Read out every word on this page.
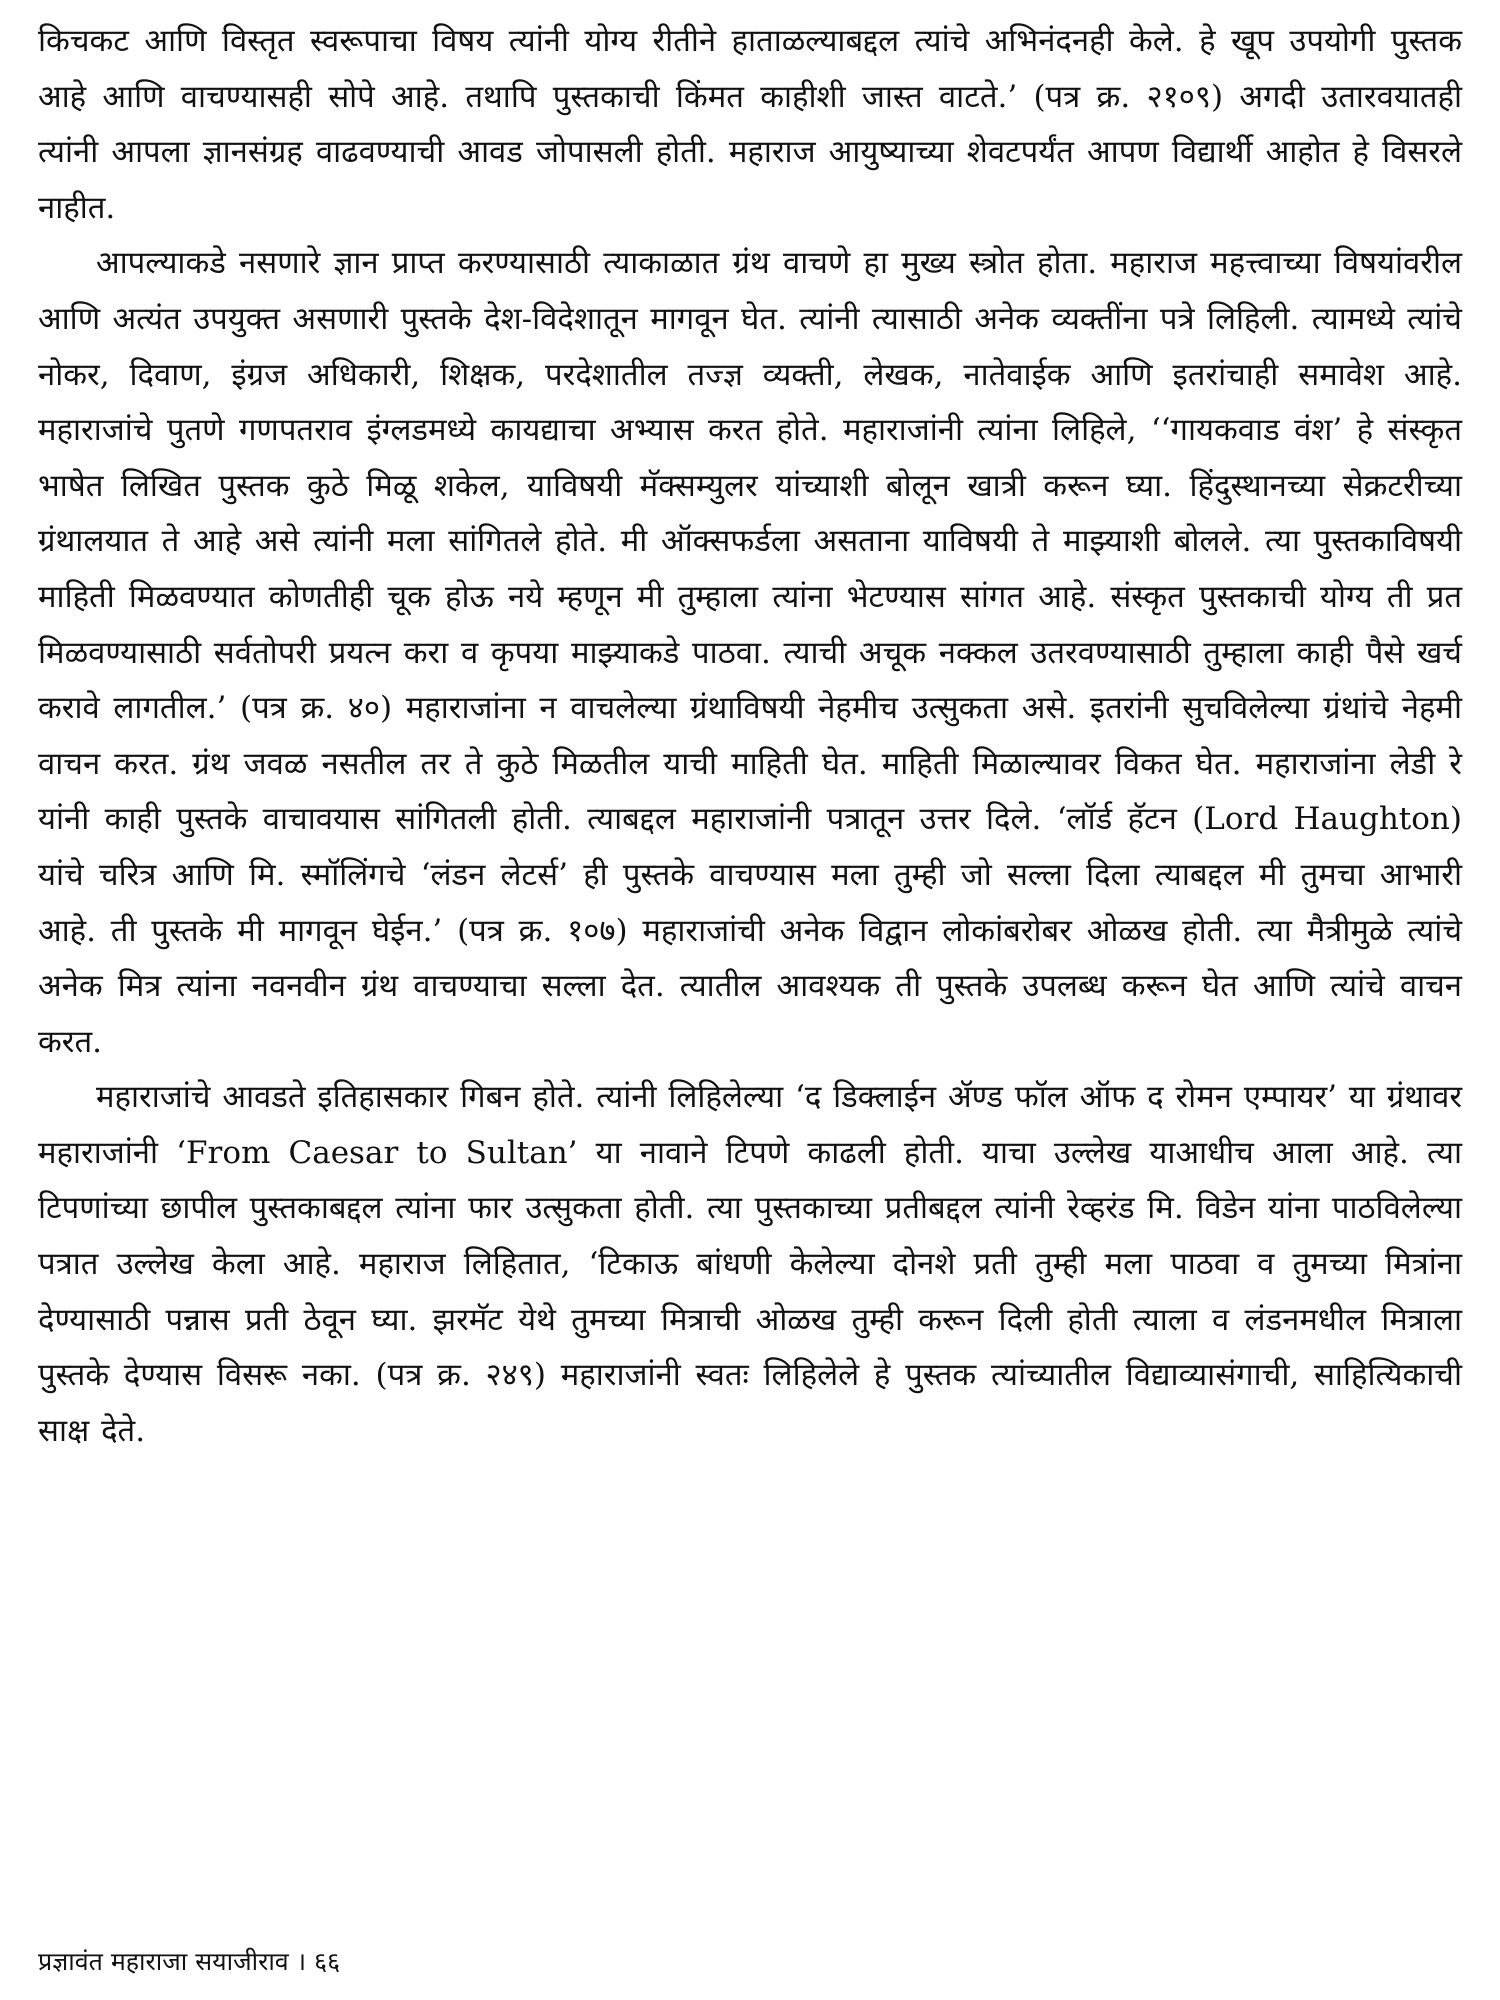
किचकट आणि विस्तृत स्वरूपाचा विषय त्यांनी योग्य रीतीने हाताळल्याबद्दल त्यांचे अभिनंदनही केले. हे खूप उपयोगी पुस्तक आहे आणि वाचण्यासही सोपे आहे. तथापि पुस्तकाची किंमत काहीशी जास्त वाटते.’ (पत्र क्र. २१०९) अगदी उतारवयातही त्यांनी आपला ज्ञानसंग्रह वाढवण्याची आवड जोपासली होती. महाराज आयुष्याच्या शेवटपर्यंत आपण विद्यार्थी आहोत हे विसरले नाहीत.

आपल्याकडे नसणारे ज्ञान प्राप्त करण्यासाठी त्याकाळात ग्रंथ वाचणे हा मुख्य स्त्रोत होता. महाराज महत्त्वाच्या विषयांवरील आणि अत्यंत उपयुक्त असणारी पुस्तके देश-विदेशातून मागवून घेत. त्यांनी त्यासाठी अनेक व्यक्तींना पत्रे लिहिली. त्यामध्ये त्यांचे नोकर, दिवाण, इंग्रज अधिकारी, शिक्षक, परदेशातील तज्ज्ञ व्यक्ती, लेखक, नातेवाईक आणि इतरांचाही समावेश आहे. महाराजांचे पुतणे गणपतराव इंग्लडमध्ये कायद्याचा अभ्यास करत होते. महाराजांनी त्यांना लिहिले, ‘‘गायकवाड वंश’ हे संस्कृत भाषेत लिखित पुस्तक कुठे मिळू शकेल, याविषयी मॅक्सम्युलर यांच्याशी बोलून खात्री करून घ्या. हिंदुस्थानच्या सेक्रटरीच्या ग्रंथालयात ते आहे असे त्यांनी मला सांगितले होते. मी ऑक्सफर्डला असताना याविषयी ते माझ्याशी बोलले. त्या पुस्तकाविषयी माहिती मिळवण्यात कोणतीही चूक होऊ नये म्हणून मी तुम्हाला त्यांना भेटण्यास सांगत आहे. संस्कृत पुस्तकाची योग्य ती प्रत मिळवण्यासाठी सर्वतोपरी प्रयत्न करा व कृपया माझ्याकडे पाठवा. त्याची अचूक नक्कल उतरवण्यासाठी तुम्हाला काही पैसे खर्च करावे लागतील.’ (पत्र क्र. ४०) महाराजांना न वाचलेल्या ग्रंथाविषयी नेहमीच उत्सुकता असे. इतरांनी सुचविलेल्या ग्रंथांचे नेहमी वाचन करत. ग्रंथ जवळ नसतील तर ते कुठे मिळतील याची माहिती घेत. माहिती मिळाल्यावर विकत घेत. महाराजांना लेडी रे यांनी काही पुस्तके वाचावयास सांगितली होती. त्याबद्दल महाराजांनी पत्रातून उत्तर दिले. ‘लॉर्ड हॅटन (Lord Haughton) यांचे चरित्र आणि मि. स्मॉलिंगचे ‘लंडन लेटर्स’ ही पुस्तके वाचण्यास मला तुम्ही जो सल्ला दिला त्याबद्दल मी तुमचा आभारी आहे. ती पुस्तके मी मागवून घेईन.’ (पत्र क्र. १०७) महाराजांची अनेक विद्वान लोकांबरोबर ओळख होती. त्या मैत्रीमुळे त्यांचे अनेक मित्र त्यांना नवनवीन ग्रंथ वाचण्याचा सल्ला देत. त्यातील आवश्यक ती पुस्तके उपलब्ध करून घेत आणि त्यांचे वाचन करत.

महाराजांचे आवडते इतिहासकार गिबन होते. त्यांनी लिहिलेल्या ‘द डिक्लाईन ॲण्ड फॉल ऑफ द रोमन एम्पायर’ या ग्रंथावर महाराजांनी ‘From Caesar to Sultan’ या नावाने टिपणे काढली होती. याचा उल्लेख याआधीच आला आहे. त्या टिपणांच्या छापील पुस्तकाबद्दल त्यांना फार उत्सुकता होती. त्या पुस्तकाच्या प्रतीबद्दल त्यांनी रेव्हरंड मि. विडेन यांना पाठविलेल्या पत्रात उल्लेख केला आहे. महाराज लिहितात, ‘टिकाऊ बांधणी केलेल्या दोनशे प्रती तुम्ही मला पाठवा व तुमच्या मित्रांना देण्यासाठी पन्नास प्रती ठेवून घ्या. झरमॅट येथे तुमच्या मित्राची ओळख तुम्ही करून दिली होती त्याला व लंडनमधील मित्राला पुस्तके देण्यास विसरू नका. (पत्र क्र. २४९) महाराजांनी स्वतः लिहिलेले हे पुस्तक त्यांच्यातील विद्याव्यासंगाची, साहित्यिकाची साक्ष देते.

प्रज्ञावंत महाराजा सयाजीराव । ६६
